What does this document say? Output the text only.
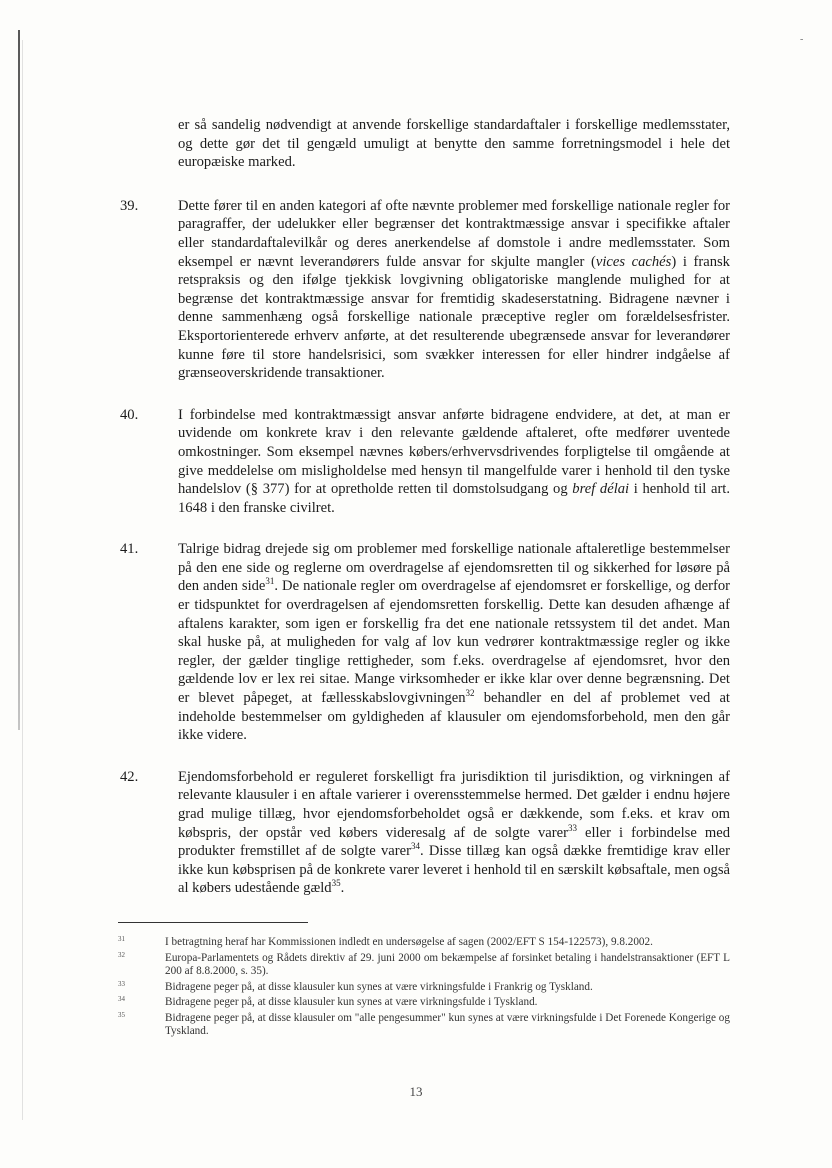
-
er så sandelig nødvendigt at anvende forskellige standardaftaler i forskellige medlemsstater, og dette gør det til gengæld umuligt at benytte den samme forretningsmodel i hele det europæiske marked.
39.	Dette fører til en anden kategori af ofte nævnte problemer med forskellige nationale regler for paragraffer, der udelukker eller begrænser det kontraktmæssige ansvar i specifikke aftaler eller standardaftalevilkår og deres anerkendelse af domstole i andre medlemsstater. Som eksempel er nævnt leverandørers fulde ansvar for skjulte mangler (vices cachés) i fransk retspraksis og den ifølge tjekkisk lovgivning obligatoriske manglende mulighed for at begrænse det kontraktmæssige ansvar for fremtidig skadeserstatning. Bidragene nævner i denne sammenhæng også forskellige nationale præceptive regler om forældelsesfrister. Eksportorienterede erhverv anførte, at det resulterende ubegrænsede ansvar for leverandører kunne føre til store handelsrisici, som svækker interessen for eller hindrer indgåelse af grænseoverskridende transaktioner.
40.	I forbindelse med kontraktmæssigt ansvar anførte bidragene endvidere, at det, at man er uvidende om konkrete krav i den relevante gældende aftaleret, ofte medfører uventede omkostninger. Som eksempel nævnes købers/erhvervsdrivendes forpligtelse til omgående at give meddelelse om misligholdelse med hensyn til mangelfulde varer i henhold til den tyske handelslov (§ 377) for at opretholde retten til domstolsudgang og bref délai i henhold til art. 1648 i den franske civilret.
41.	Talrige bidrag drejede sig om problemer med forskellige nationale aftaleretlige bestemmelser på den ene side og reglerne om overdragelse af ejendomsretten til og sikkerhed for løsøre på den anden side$^{31}$. De nationale regler om overdragelse af ejendomsret er forskellige, og derfor er tidspunktet for overdragelsen af ejendomsretten forskellig. Dette kan desuden afhænge af aftalens karakter, som igen er forskellig fra det ene nationale retssystem til det andet. Man skal huske på, at muligheden for valg af lov kun vedrører kontraktmæssige regler og ikke regler, der gælder tinglige rettigheder, som f.eks. overdragelse af ejendomsret, hvor den gældende lov er lex rei sitae. Mange virksomheder er ikke klar over denne begrænsning. Det er blevet påpeget, at fællesskabslovgivningen$^{32}$ behandler en del af problemet ved at indeholde bestemmelser om gyldigheden af klausuler om ejendomsforbehold, men den går ikke videre.
42.	Ejendomsforbehold er reguleret forskelligt fra jurisdiktion til jurisdiktion, og virkningen af relevante klausuler i en aftale varierer i overensstemmelse hermed. Det gælder i endnu højere grad mulige tillæg, hvor ejendomsforbeholdet også er dækkende, som f.eks. et krav om købspris, der opstår ved købers videresalg af de solgte varer$^{33}$ eller i forbindelse med produkter fremstillet af de solgte varer$^{34}$. Disse tillæg kan også dække fremtidige krav eller ikke kun købsprisen på de konkrete varer leveret i henhold til en særskilt købsaftale, men også al købers udestående gæld$^{35}$.
31	I betragtning heraf har Kommissionen indledt en undersøgelse af sagen (2002/EFT S 154-122573), 9.8.2002.
32	Europa-Parlamentets og Rådets direktiv af 29. juni 2000 om bekæmpelse af forsinket betaling i handelstransaktioner (EFT L 200 af 8.8.2000, s. 35).
33	Bidragene peger på, at disse klausuler kun synes at være virkningsfulde i Frankrig og Tyskland.
34	Bidragene peger på, at disse klausuler kun synes at være virkningsfulde i Tyskland.
35	Bidragene peger på, at disse klausuler om "alle pengesummer" kun synes at være virkningsfulde i Det Forenede Kongerige og Tyskland.
13
